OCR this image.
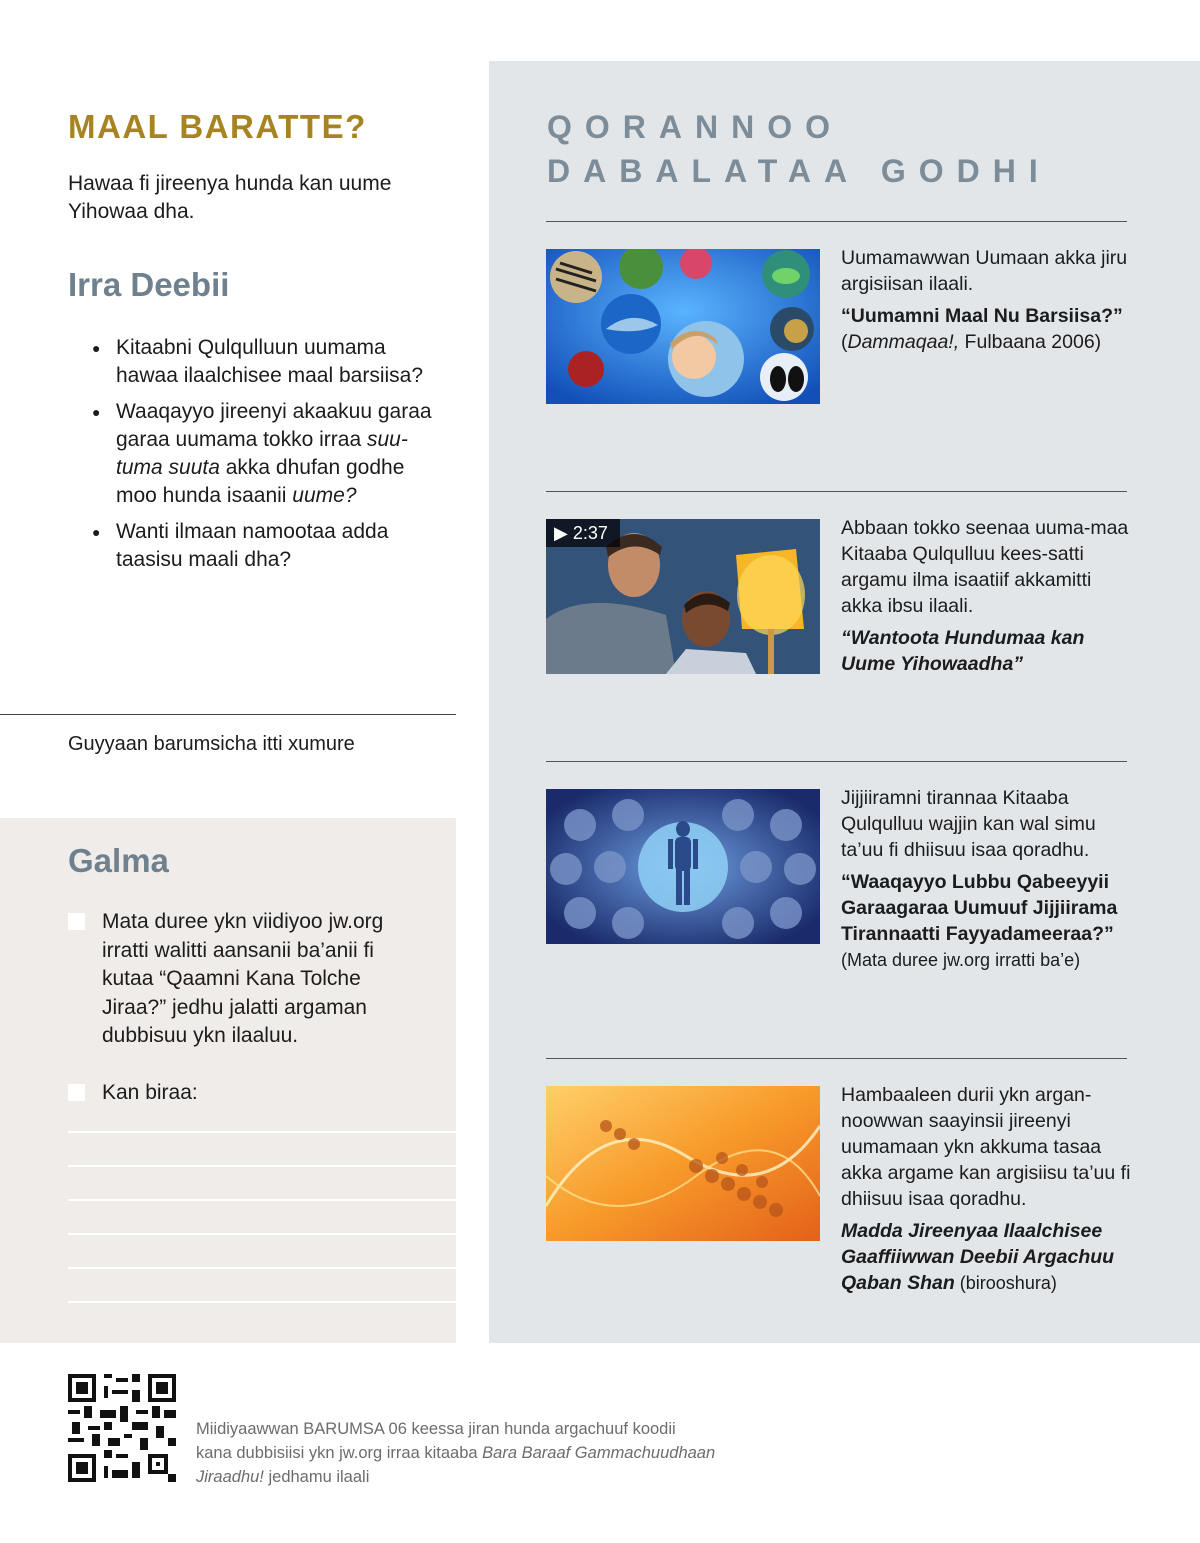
MAAL BARATTE?
Hawaa fi jireenya hunda kan uume Yihowaa dha.
Irra Deebii
● Kitaabni Qulqulluun uumama hawaa ilaalchisee maal barsiisa?
● Waaqayyo jireenyi akaakuu garaa garaa uumama tokko irraa suu-tuma suuta akka dhufan godhe moo hunda isaanii uume?
● Wanti ilmaan namootaa adda taasisu maali dha?
Guyyaan barumsicha itti xumure
Galma
Mata duree ykn viidiyoo jw.org irratti walitti aansanii ba’anii fi kutaa “Qaamni Kana Tolche Jiraa?” jedhu jalatti argaman dubbisuu ykn ilaaluu.
Kan biraa:
QORANNOO
DABALATAA GODHI
Uumamawwan Uumaan akka jiru argisiisan ilaali.
“Uumamni Maal Nu Barsiisa?”
(Dammaqaa!, Fulbaana 2006)
▶ 2:37	Abbaan tokko seenaa uuma-maa Kitaaba Qulqulluu kees-satti argamu ilma isaatiif akkamitti akka ibsu ilaali.
“Wantoota Hundumaa kan Uume Yihowaadha”
Jijjiiramni tirannaa Kitaaba Qulqulluu wajjin kan wal simu ta’uu fi dhiisuu isaa qoradhu.
“Waaqayyo Lubbu Qabeeyyii Garaagaraa Uumuuf Jijjiirama Tirannaatti Fayyadameeraa?”
(Mata duree jw.org irratti ba’e)
Hambaaleen durii ykn argan-noowwan saayinsii jireenyi uumamaan ykn akkuma tasaa akka argame kan argisiisu ta’uu fi dhiisuu isaa qoradhu.
Madda Jireenyaa Ilaalchisee Gaaffiiwwan Deebii Argachuu Qaban Shan (birooshura)
Miidiyaawwan BARUMSA 06 keessa jiran hunda argachuuf koodii kana dubbisiisi ykn jw.org irraa kitaaba Bara Baraaf Gammachuudhaan Jiraadhu! jedhamu ilaali
